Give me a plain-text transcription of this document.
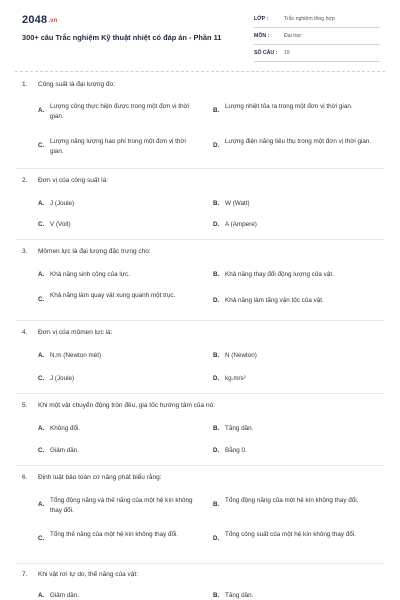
2048.vn
300+ câu Trắc nghiệm Kỹ thuật nhiệt có đáp án - Phần 11
LỚP :	Trắc nghiệm tổng hợp
MÔN :	Đại học
SỐ CÂU : 15
1. Công suất là đại lượng đo:
A.
Lượng công thực hiện được trong một đơn vị thời gian.
B.
Lượng nhiệt tỏa ra trong một đơn vị thời gian.
C.
Lượng năng lượng hao phí trong một đơn vị thời gian.
D.
Lượng điện năng tiêu thụ trong một đơn vị thời gian.
2. Đơn vị của công suất là:
A. J (Joule)	B. W (Watt)
C. V (Volt)	D. A (Ampere)
3. Mômen lực là đại lượng đặc trưng cho:
A. Khả năng sinh công của lực.	B. Khả năng thay đổi động lượng của vật.
C.
Khả năng làm quay vật xung quanh một trục.
D. Khả năng làm tăng vận tốc của vật.
4. Đơn vị của mômen lực là:
A. N.m (Newton mét)	B. N (Newton)
C. J (Joule)	D. kg.m/s²
5. Khi một vật chuyển động tròn đều, gia tốc hướng tâm của nó:
A. Không đổi.	B. Tăng dần.
C. Giảm dần.	D. Bằng 0.
6. Định luật bảo toàn cơ năng phát biểu rằng:
A.
Tổng động năng và thế năng của một hệ kín không thay đổi.
B.
Tổng động năng của một hệ kín không thay đổi.
C.
Tổng thế năng của một hệ kín không thay đổi.
D.
Tổng công suất của một hệ kín không thay đổi.
7. Khi vật rơi tự do, thế năng của vật:
A. Giảm dần.	B. Tăng dần.
